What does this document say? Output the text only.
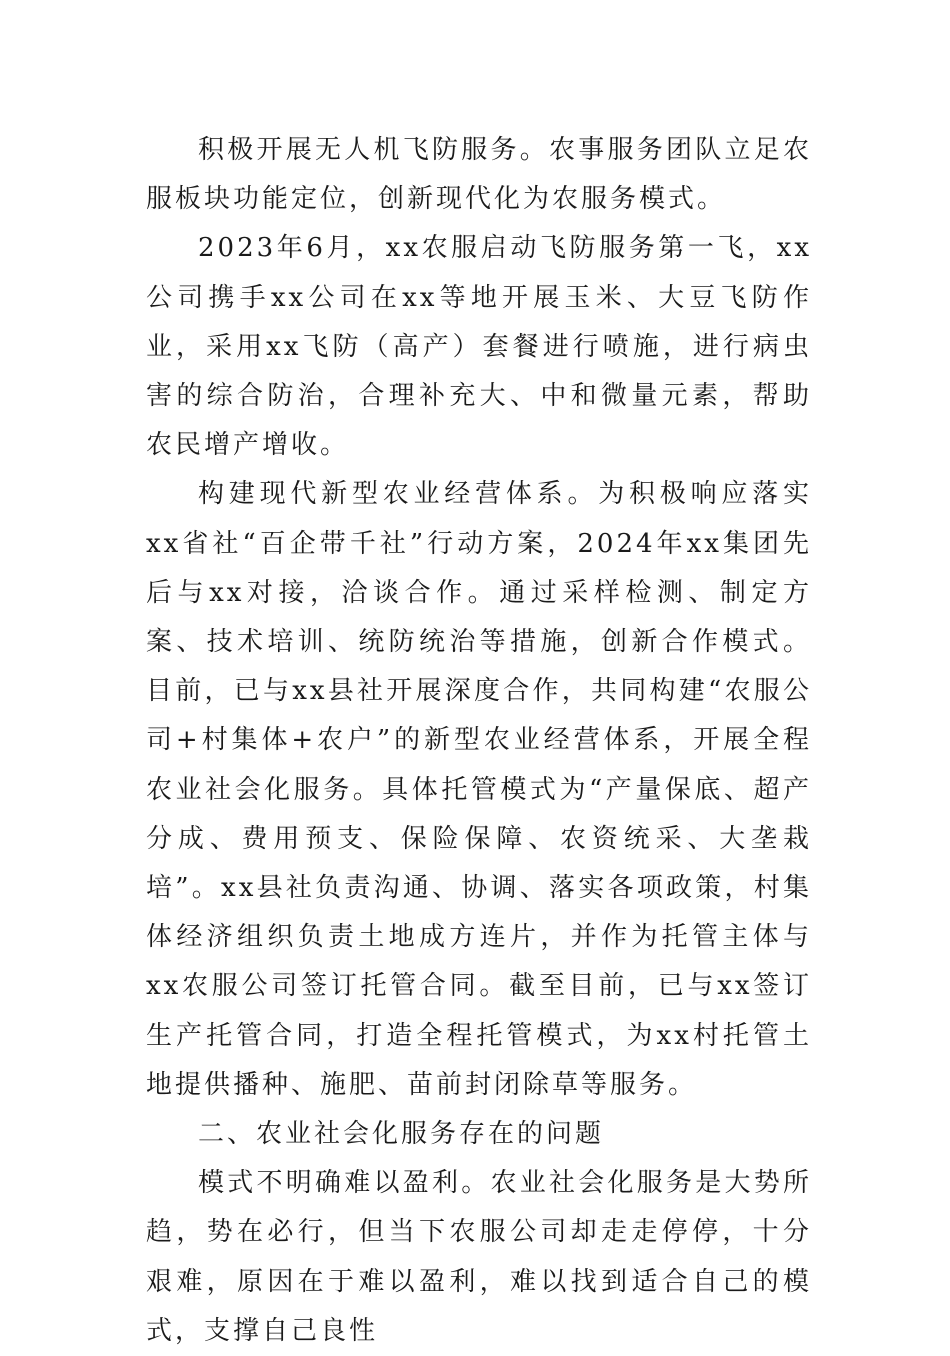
积极开展无人机飞防服务。农事服务团队立足农服板块功能定位，创新现代化为农服务模式。

2023年6月，xx农服启动飞防服务第一飞，xx公司携手xx公司在xx等地开展玉米、大豆飞防作业，采用xx飞防（高产）套餐进行喷施，进行病虫害的综合防治，合理补充大、中和微量元素，帮助农民增产增收。

构建现代新型农业经营体系。为积极响应落实xx省社“百企带千社”行动方案，2024年xx集团先后与xx对接，洽谈合作。通过采样检测、制定方案、技术培训、统防统治等措施，创新合作模式。目前，已与xx县社开展深度合作，共同构建“农服公司+村集体+农户”的新型农业经营体系，开展全程农业社会化服务。具体托管模式为“产量保底、超产分成、费用预支、保险保障、农资统采、大垄栽培”。xx县社负责沟通、协调、落实各项政策，村集体经济组织负责土地成方连片，并作为托管主体与xx农服公司签订托管合同。截至目前，已与xx签订生产托管合同，打造全程托管模式，为xx村托管土地提供播种、施肥、苗前封闭除草等服务。

二、农业社会化服务存在的问题

模式不明确难以盈利。农业社会化服务是大势所趋，势在必行，但当下农服公司却走走停停，十分艰难，原因在于难以盈利，难以找到适合自己的模式，支撑自己良性
